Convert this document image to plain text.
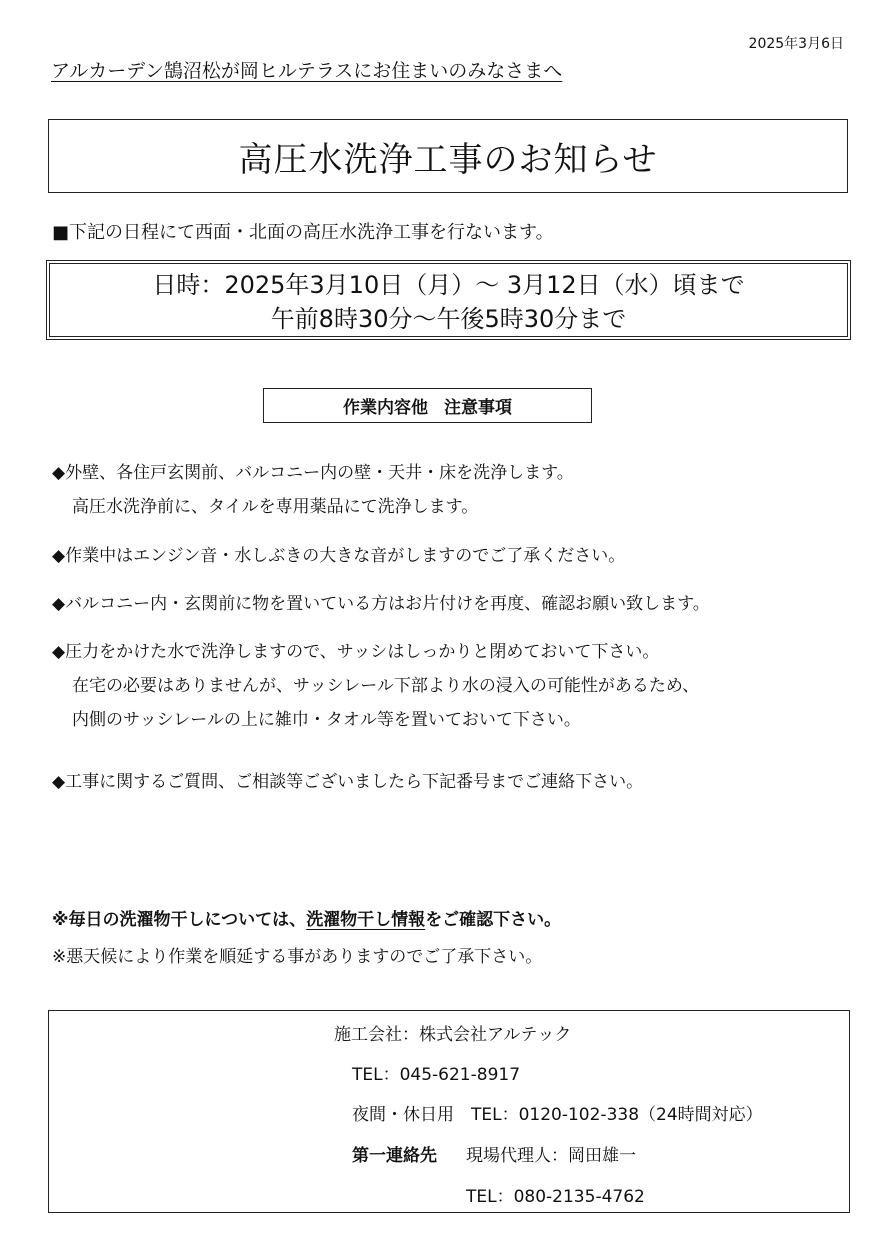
2025年3月6日
アルカーデン鵠沼松が岡ヒルテラスにお住まいのみなさまへ
高圧水洗浄工事のお知らせ
■下記の日程にて西面・北面の高圧水洗浄工事を行ないます。
日時：2025年3月10日（月）～ 3月12日（水）頃まで
午前8時30分～午後5時30分まで
作業内容他 注意事項
◆外壁、各住戸玄関前、バルコニー内の壁・天井・床を洗浄します。
高圧水洗浄前に、タイルを専用薬品にて洗浄します。
◆作業中はエンジン音・水しぶきの大きな音がしますのでご了承ください。
◆バルコニー内・玄関前に物を置いている方はお片付けを再度、確認お願い致します。
◆圧力をかけた水で洗浄しますので、サッシはしっかりと閉めておいて下さい。
在宅の必要はありませんが、サッシレール下部より水の浸入の可能性があるため、
内側のサッシレールの上に雑巾・タオル等を置いておいて下さい。
◆工事に関するご質問、ご相談等ございましたら下記番号までご連絡下さい。
※毎日の洗濯物干しについては、洗濯物干し情報をご確認下さい。
※悪天候により作業を順延する事がありますのでご了承下さい。
施工会社：株式会社アルテック
TEL：045-621-8917
夜間・休日用　TEL：0120-102-338（24時間対応）
第一連絡先 現場代理人：岡田雄一
TEL：080-2135-4762
